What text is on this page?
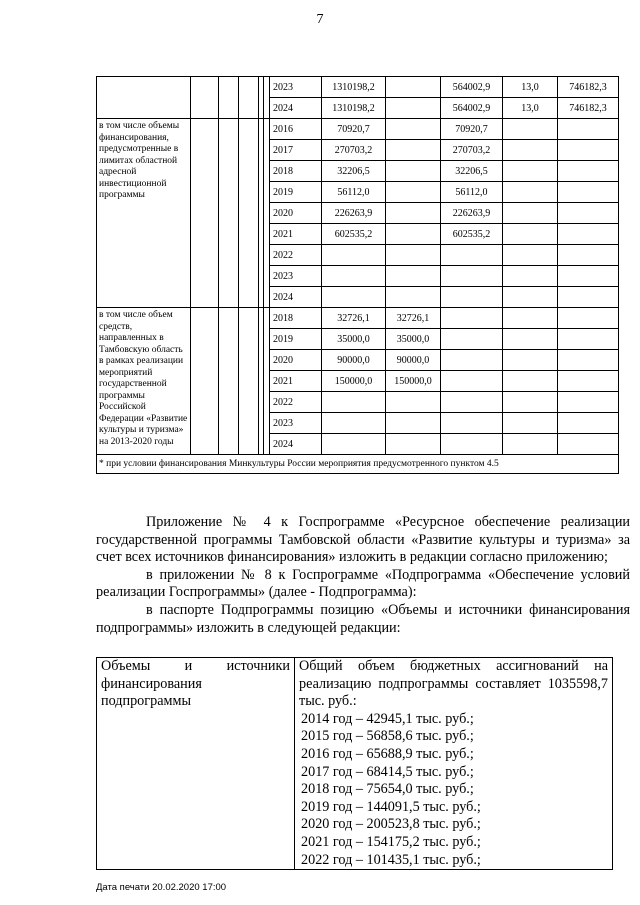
7
						2023	1310198,2		564002,9	13,0	746182,3
						2024	1310198,2		564002,9	13,0	746182,3
в том числе объемы финансирования, предусмотренные в лимитах областной адресной инвестиционной программы						2016	70920,7		70920,7		
						2017	270703,2		270703,2		
						2018	32206,5		32206,5		
						2019	56112,0		56112,0		
						2020	226263,9		226263,9		
						2021	602535,2		602535,2		
						2022					
						2023					
						2024					
в том числе объем средств, направленных в Тамбовскую область в рамках реализации мероприятий государственной программы Российской Федерации «Развитие культуры и туризма» на 2013-2020 годы						2018	32726,1	32726,1			
						2019	35000,0	35000,0			
						2020	90000,0	90000,0			
						2021	150000,0	150000,0			
						2022					
						2023					
						2024					
* при условии финансирования Минкультуры России мероприятия предусмотренного пунктом 4.5											

Приложение № 4 к Госпрограмме «Ресурсное обеспечение реализации государственной программы Тамбовской области «Развитие культуры и туризма» за счет всех источников финансирования» изложить в редакции согласно приложению;

в приложении № 8 к Госпрограмме «Подпрограмма «Обеспечение условий реализации Госпрограммы» (далее - Подпрограмма):

в паспорте Подпрограммы позицию «Объемы и источники финансирования подпрограммы» изложить в следующей редакции:

Объемы и источники финансирования подпрограммы	
Общий объем бюджетных ассигнований на реализацию подпрограммы составляет 1035598,7 тыс. руб.:
2014 год – 42945,1 тыс. руб.;
2015 год – 56858,6 тыс. руб.;
2016 год – 65688,9 тыс. руб.;
2017 год – 68414,5 тыс. руб.;
2018 год – 75654,0 тыс. руб.;
2019 год – 144091,5 тыс. руб.;
2020 год – 200523,8 тыс. руб.;
2021 год – 154175,2 тыс. руб.;
2022 год – 101435,1 тыс. руб.;
Дата печати 20.02.2020 17:00
